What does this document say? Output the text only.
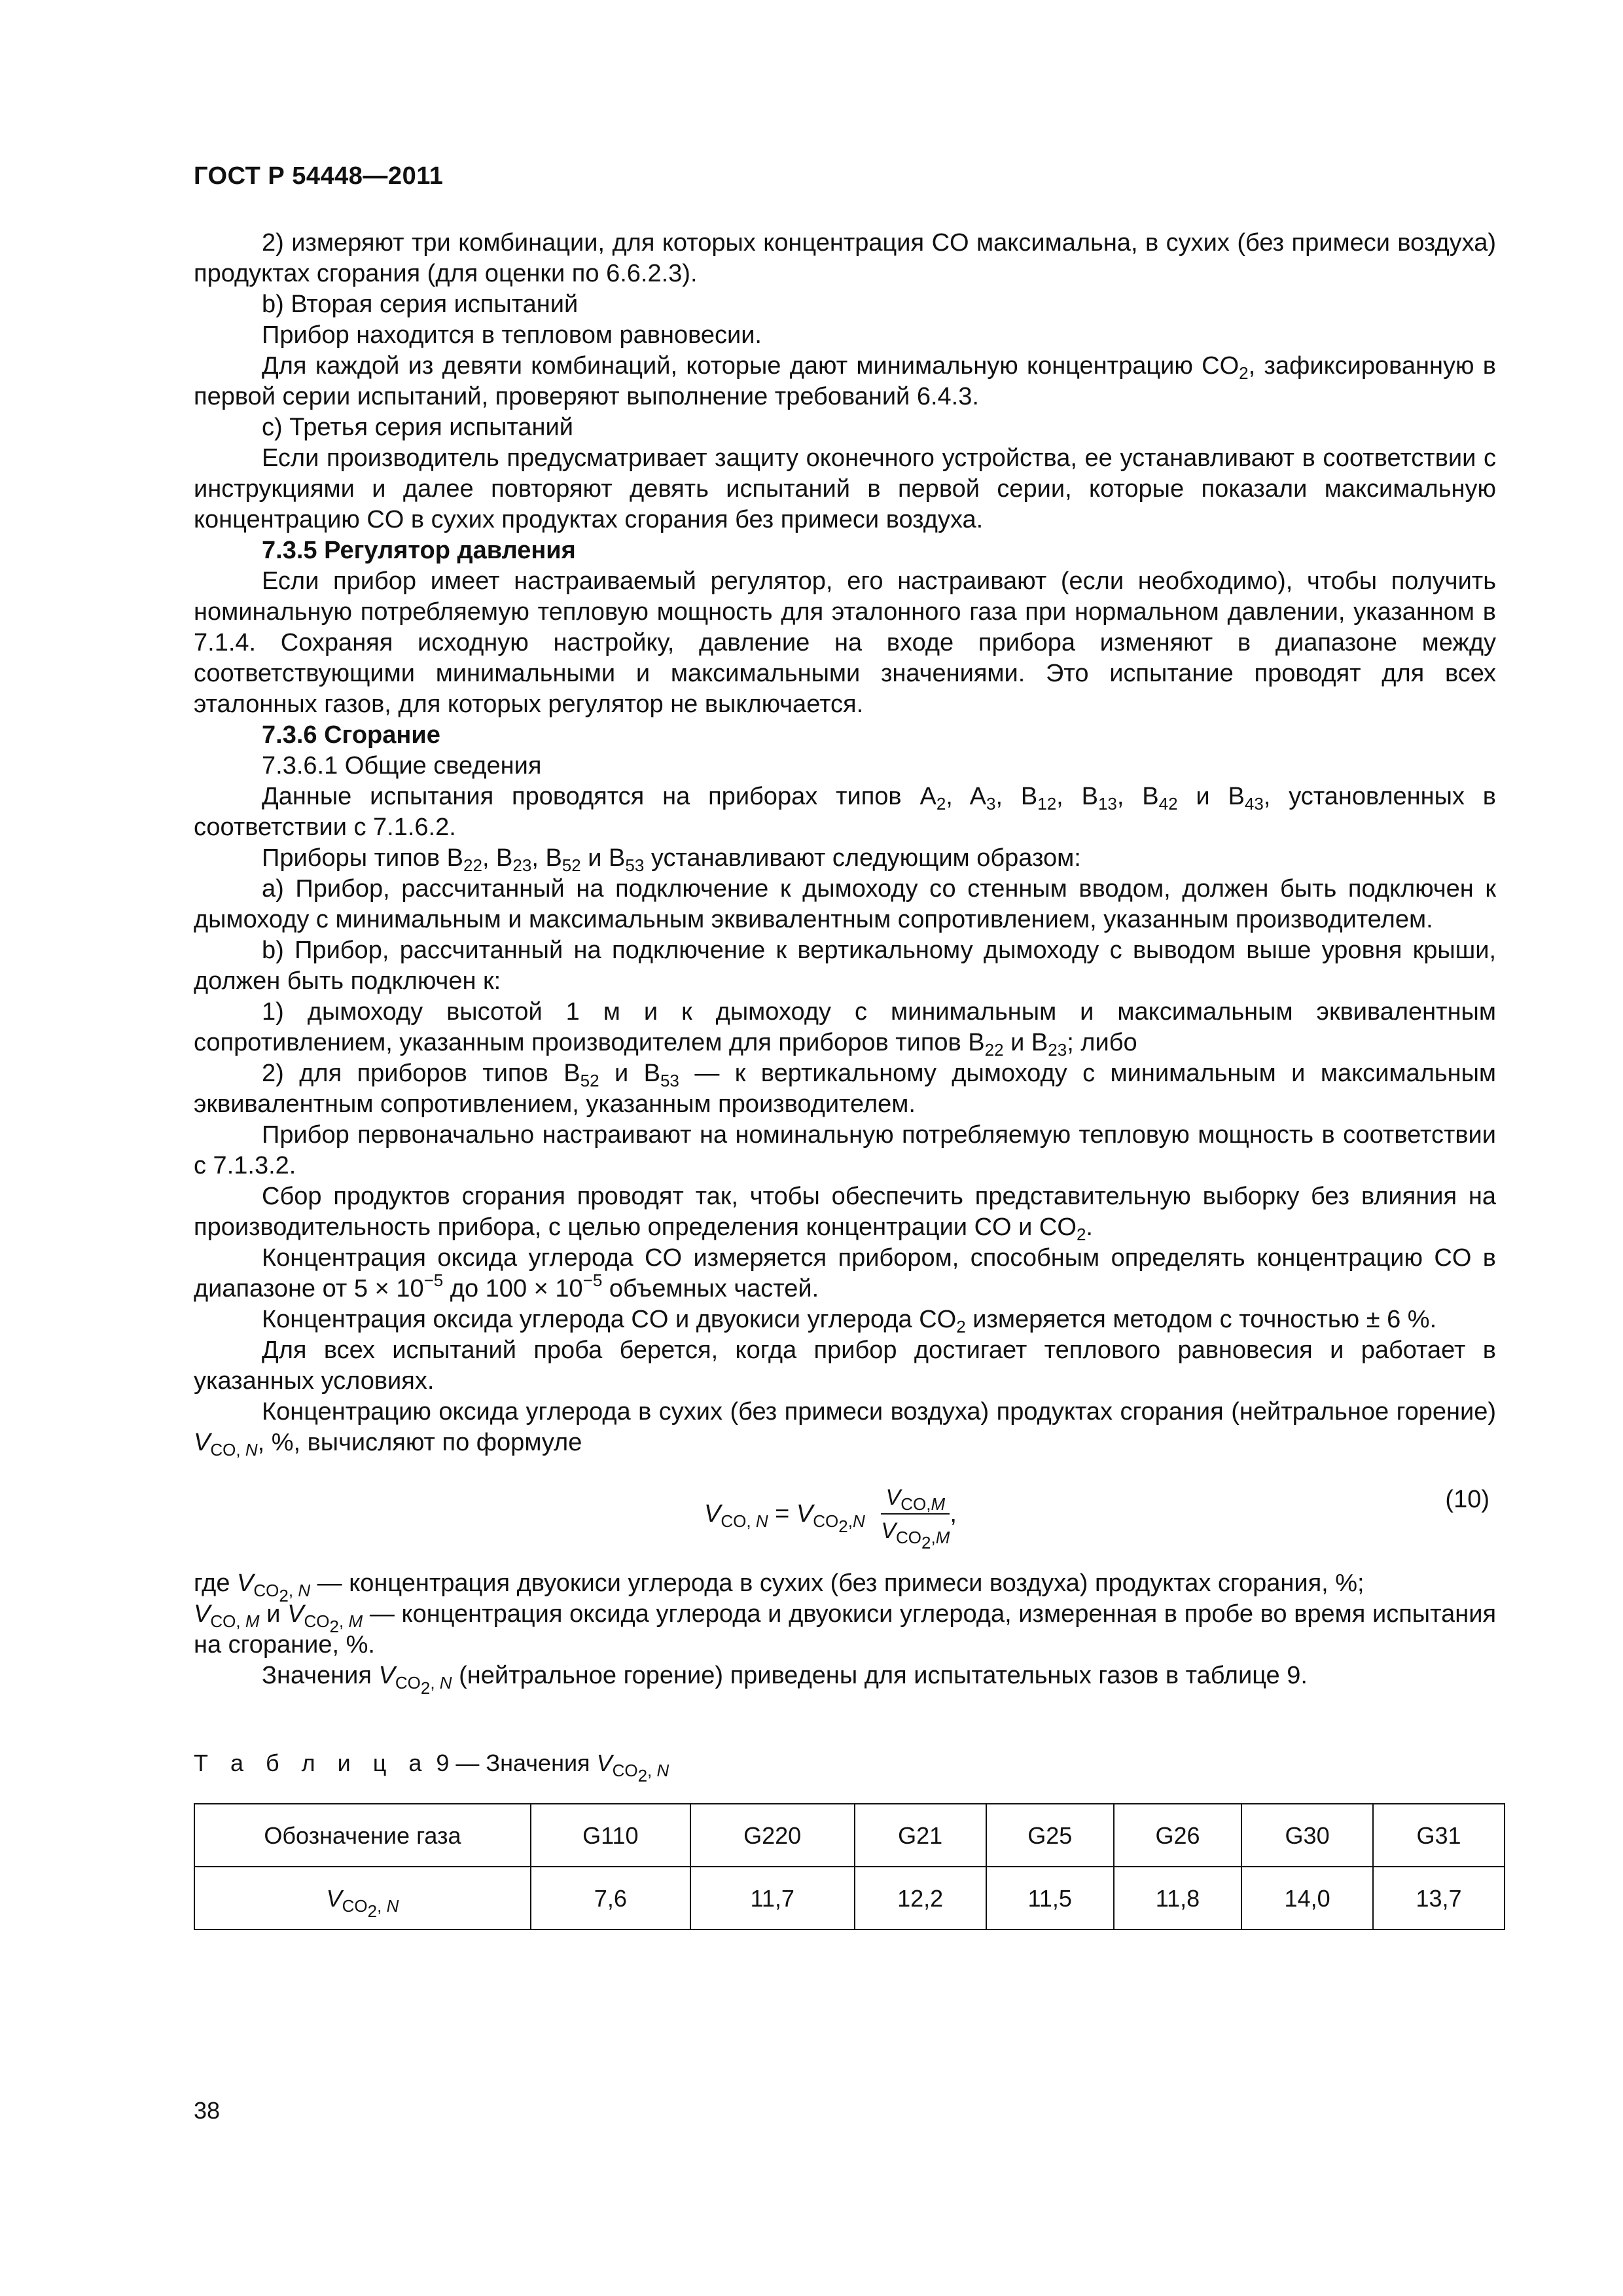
ГОСТ Р 54448—2011

2) измеряют три комбинации, для которых концентрация CO максимальна, в сухих (без примеси воздуха) продуктах сгорания (для оценки по 6.6.2.3).

b) Вторая серия испытаний

Прибор находится в тепловом равновесии.

Для каждой из девяти комбинаций, которые дают минимальную концентрацию $CO_2$, зафиксированную в первой серии испытаний, проверяют выполнение требований 6.4.3.

c) Третья серия испытаний

Если производитель предусматривает защиту оконечного устройства, ее устанавливают в соответствии с инструкциями и далее повторяют девять испытаний в первой серии, которые показали максимальную концентрацию CO в сухих продуктах сгорания без примеси воздуха.

7.3.5 Регулятор давления

Если прибор имеет настраиваемый регулятор, его настраивают (если необходимо), чтобы получить номинальную потребляемую тепловую мощность для эталонного газа при нормальном давлении, указанном в 7.1.4. Сохраняя исходную настройку, давление на входе прибора изменяют в диапазоне между соответствующими минимальными и максимальными значениями. Это испытание проводят для всех эталонных газов, для которых регулятор не выключается.

7.3.6 Сгорание

7.3.6.1 Общие сведения

Данные испытания проводятся на приборах типов $A_2$, $A_3$, $B_{12}$, $B_{13}$, $B_{42}$ и $B_{43}$, установленных в соответствии с 7.1.6.2.

Приборы типов $B_{22}$, $B_{23}$, $B_{52}$ и $B_{53}$ устанавливают следующим образом:

a) Прибор, рассчитанный на подключение к дымоходу со стенным вводом, должен быть подключен к дымоходу с минимальным и максимальным эквивалентным сопротивлением, указанным производителем.

b) Прибор, рассчитанный на подключение к вертикальному дымоходу с выводом выше уровня крыши, должен быть подключен к:

1) дымоходу высотой 1 м и к дымоходу с минимальным и максимальным эквивалентным сопротивлением, указанным производителем для приборов типов $B_{22}$ и $B_{23}$; либо

2) для приборов типов $B_{52}$ и $B_{53}$ — к вертикальному дымоходу с минимальным и максимальным эквивалентным сопротивлением, указанным производителем.

Прибор первоначально настраивают на номинальную потребляемую тепловую мощность в соответствии с 7.1.3.2.

Сбор продуктов сгорания проводят так, чтобы обеспечить представительную выборку без влияния на производительность прибора, с целью определения концентрации CO и $CO_2$.

Концентрация оксида углерода CO измеряется прибором, способным определять концентрацию CO в диапазоне от $5 \times 10^{-5}$ до $100 \times 10^{-5}$ объемных частей.

Концентрация оксида углерода CO и двуокиси углерода $CO_2$ измеряется методом с точностью ± 6 %.

Для всех испытаний проба берется, когда прибор достигает теплового равновесия и работает в указанных условиях.

Концентрацию оксида углерода в сухих (без примеси воздуха) продуктах сгорания (нейтральное горение) $V_{CO, N}$, %, вычисляют по формуле

$V_{CO, N} = V_{CO_2,N} \frac{V_{CO,M}}{V_{CO_2,M}}$ ,
(10)

где $V_{CO_2, N}$ — концентрация двуокиси углерода в сухих (без примеси воздуха) продуктах сгорания, %;

$V_{CO, M}$ и $V_{CO_2, M}$ — концентрация оксида углерода и двуокиси углерода, измеренная в пробе во время испытания на сгорание, %.

Значения $V_{CO_2, N}$ (нейтральное горение) приведены для испытательных газов в таблице 9.

Т а б л и ц а 9 — Значения $V_{CO_2, N}$
Обозначение газа	G110	G220	G21	G25	G26	G30	G31
$V_{CO_2, N}$	7,6	11,7	12,2	11,5	11,8	14,0	13,7
38
